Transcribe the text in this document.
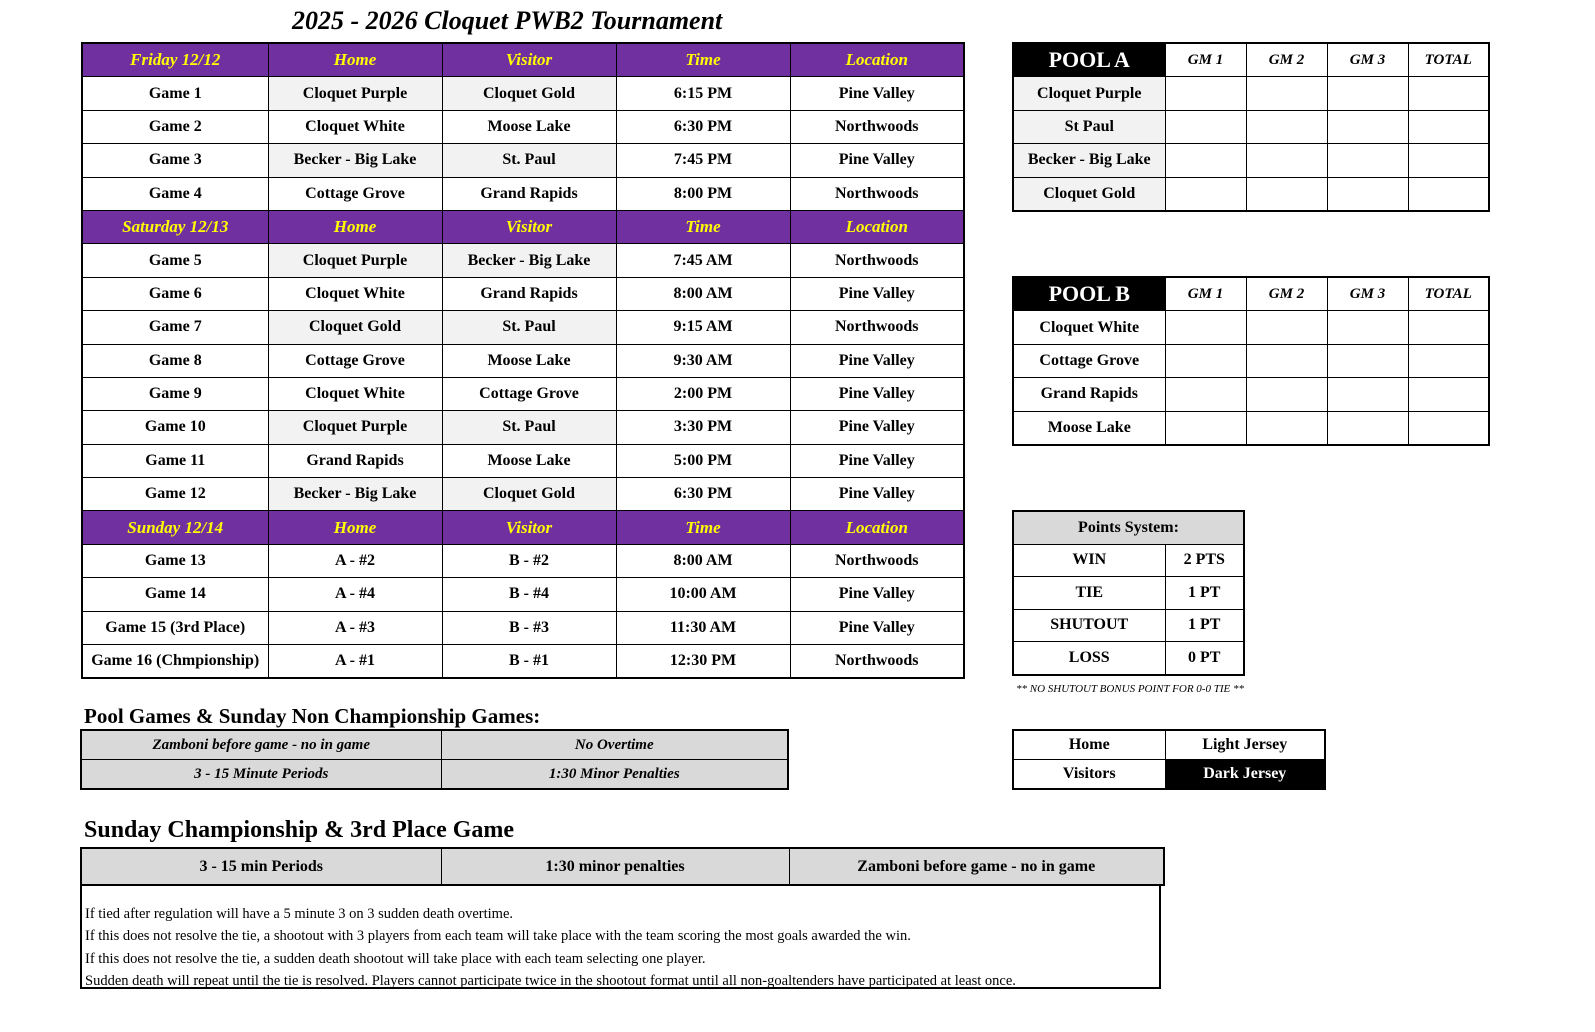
2025 - 2026 Cloquet PWB2 Tournament
Friday 12/12	Home	Visitor	Time	Location
Game 1	Cloquet Purple	Cloquet Gold	6:15 PM	Pine Valley
Game 2	Cloquet White	Moose Lake	6:30 PM	Northwoods
Game 3	Becker - Big Lake	St. Paul	7:45 PM	Pine Valley
Game 4	Cottage Grove	Grand Rapids	8:00 PM	Northwoods
Saturday 12/13	Home	Visitor	Time	Location
Game 5	Cloquet Purple	Becker - Big Lake	7:45 AM	Northwoods
Game 6	Cloquet White	Grand Rapids	8:00 AM	Pine Valley
Game 7	Cloquet Gold	St. Paul	9:15 AM	Northwoods
Game 8	Cottage Grove	Moose Lake	9:30 AM	Pine Valley
Game 9	Cloquet White	Cottage Grove	2:00 PM	Pine Valley
Game 10	Cloquet Purple	St. Paul	3:30 PM	Pine Valley
Game 11	Grand Rapids	Moose Lake	5:00 PM	Pine Valley
Game 12	Becker - Big Lake	Cloquet Gold	6:30 PM	Pine Valley
Sunday 12/14	Home	Visitor	Time	Location
Game 13	A - #2	B - #2	8:00 AM	Northwoods
Game 14	A - #4	B - #4	10:00 AM	Pine Valley
Game 15 (3rd Place)	A - #3	B - #3	11:30 AM	Pine Valley
Game 16 (Chmpionship)	A - #1	B - #1	12:30 PM	Northwoods
POOL A	GM 1	GM 2	GM 3	TOTAL
Cloquet Purple				
St Paul				
Becker - Big Lake				
Cloquet Gold				
POOL B	GM 1	GM 2	GM 3	TOTAL
Cloquet White				
Cottage Grove				
Grand Rapids				
Moose Lake				
Points System:	
WIN	2 PTS
TIE	1 PT
SHUTOUT	1 PT
LOSS	0 PT
** NO SHUTOUT BONUS POINT FOR 0-0 TIE **
Home	Light Jersey
Visitors	Dark Jersey
Pool Games & Sunday Non Championship Games:
Zamboni before game - no in game	No Overtime
3 - 15 Minute Periods	1:30 Minor Penalties
Sunday Championship & 3rd Place Game
3 - 15 min Periods	1:30 minor penalties	Zamboni before game - no in game
If tied after regulation will have a 5 minute 3 on 3 sudden death overtime.
If this does not resolve the tie, a shootout with 3 players from each team will take place with the team scoring the most goals awarded the win.
If this does not resolve the tie, a sudden death shootout will take place with each team selecting one player.
Sudden death will repeat until the tie is resolved. Players cannot participate twice in the shootout format until all non-goaltenders have participated at least once.
